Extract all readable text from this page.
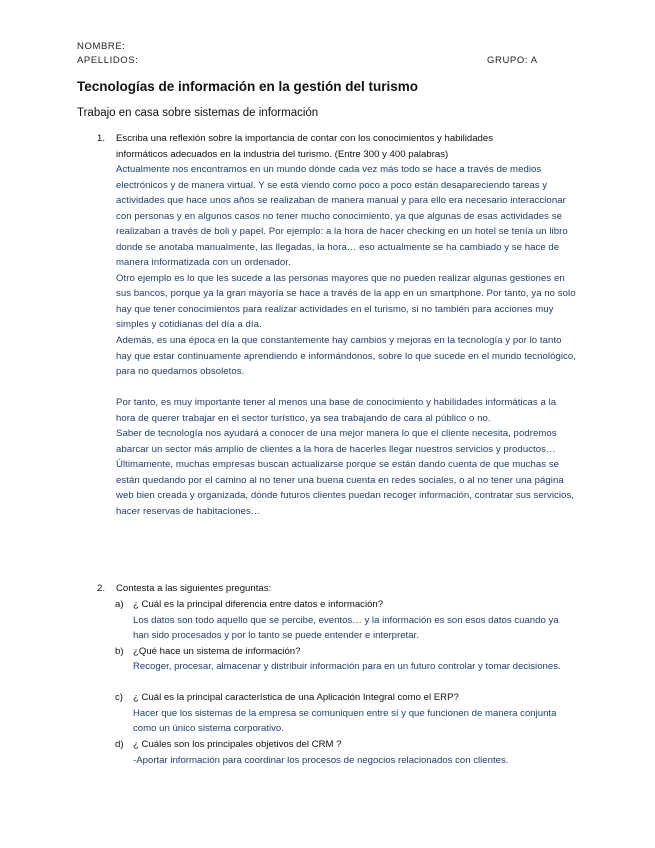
NOMBRE:
APELLIDOS:	GRUPO: A
Tecnologías de información en la gestión del turismo
Trabajo en casa sobre sistemas de información
1. Escriba una reflexión sobre la importancia de contar con los conocimientos y habilidades
informáticos adecuados en la industria del turismo. (Entre 300 y 400 palabras)

Actualmente nos encontramos en un mundo dónde cada vez más todo se hace a través de medios electrónicos y de manera virtual. Y se está viendo como poco a poco están desapareciendo tareas y actividades que hace unos años se realizaban de manera manual y para ello era necesario interaccionar con personas y en algunos casos no tener mucho conocimiento, ya que algunas de esas actividades se realizaban a través de boli y papel. Por ejemplo: a la hora de hacer checking en un hotel se tenía un libro donde se anotaba manualmente, las llegadas, la hora… eso actualmente se ha cambiado y se hace de manera informatizada con un ordenador.

Otro ejemplo es lo que les sucede a las personas mayores que no pueden realizar algunas gestiones en sus bancos, porque ya la gran mayoría se hace a través de la app en un smartphone. Por tanto, ya no solo hay que tener conocimientos para realizar actividades en el turismo, si no también para acciones muy simples y cotidianas del día a día.

Además, es una época en la que constantemente hay cambios y mejoras en la tecnología y por lo tanto hay que estar continuamente aprendiendo e informándonos, sobre lo que sucede en el mundo tecnológico, para no quedarnos obsoletos.

Por tanto, es muy importante tener al menos una base de conocimiento y habilidades informáticas a la hora de querer trabajar en el sector turístico, ya sea trabajando de cara al público o no.

Saber de tecnología nos ayudará a conocer de una mejor manera lo que el cliente necesita, podremos abarcar un sector más amplio de clientes a la hora de hacerles llegar nuestros servicios y productos…

Últimamente, muchas empresas buscan actualizarse porque se están dando cuenta de que muchas se están quedando por el camino al no tener una buena cuenta en redes sociales, o al no tener una página web bien creada y organizada, dónde futuros clientes puedan recoger información, contratar sus servicios, hacer reservas de habitaciones…

2. Contesta a las siguientes preguntas:
a) ¿ Cuál es la principal diferencia entre datos e información?
Los datos son todo aquello que se percibe, eventos… y la información es son esos datos cuando ya han sido procesados y por lo tanto se puede entender e interpretar.
b) ¿Qué hace un sistema de información?
Recoger, procesar, almacenar y distribuir información para en un futuro controlar y tomar decisiones.
c) ¿ Cuál es la principal característica de una Aplicación Integral como el ERP?
Hacer que los sistemas de la empresa se comuniquen entre sí y que funcionen de manera conjunta como un único sistema corporativo.
d) ¿ Cuáles son los principales objetivos del CRM ?
-Aportar información para coordinar los procesos de negocios relacionados con clientes.
